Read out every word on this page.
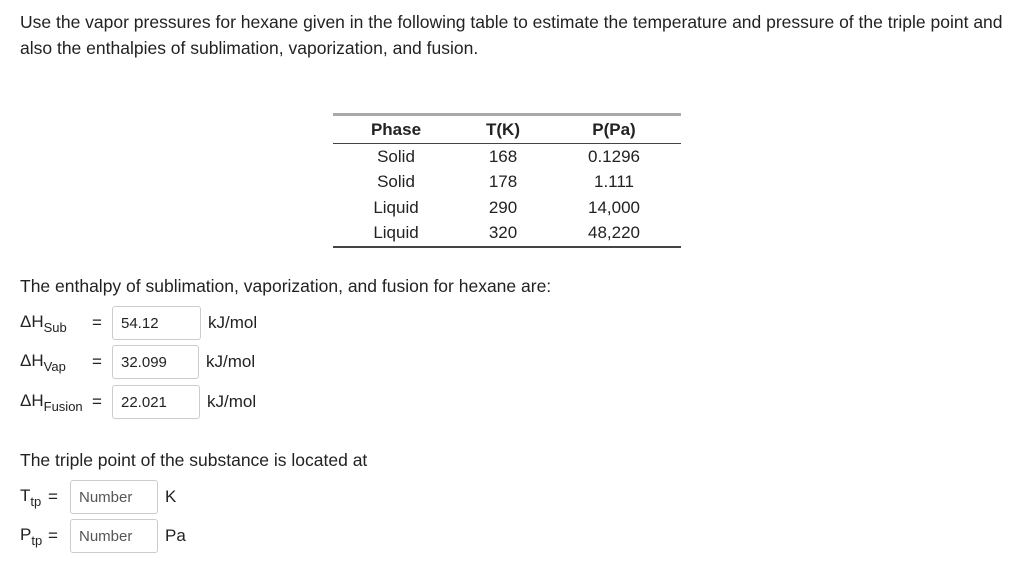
Use the vapor pressures for hexane given in the following table to estimate the temperature and pressure of the triple point and also the enthalpies of sublimation, vaporization, and fusion.

Phase	T(K)	P(Pa)
Solid	168	0.1296
Solid	178	1.111
Liquid	290	14,000
Liquid	320	48,220

The enthalpy of sublimation, vaporization, and fusion for hexane are:

$\Delta H_{Sub}$	=
54.12	kJ/mol
$\Delta H_{Vap}$	=
32.099	kJ/mol
$\Delta H_{Fusion}$ =
22.021	kJ/mol

The triple point of the substance is located at

$T_{tp}$ =
Number	K
$P_{tp}$ =
Number	Pa
